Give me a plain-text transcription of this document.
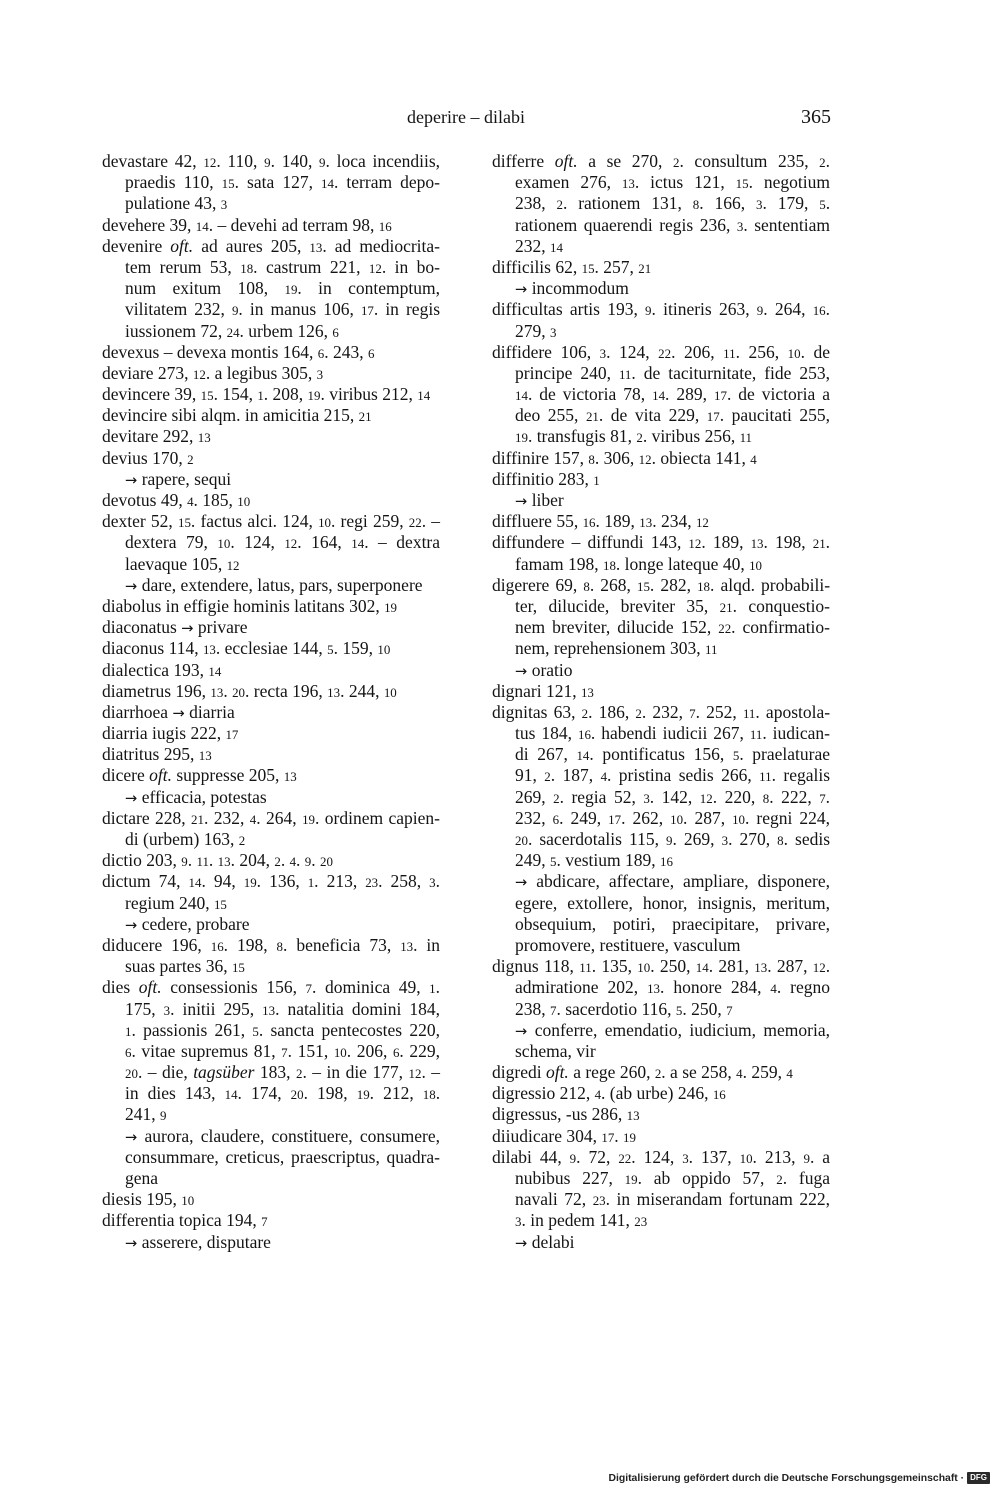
deperire – dilabi	365
devastare 42, 12. 110, 9. 140, 9. loca incendiis,
praedis 110, 15. sata 127, 14. terram depo-
pulatione 43, 3
devehere 39, 14. – devehi ad terram 98, 16
devenire oft. ad aures 205, 13. ad mediocrita-
tem rerum 53, 18. castrum 221, 12. in bo-
num exitum 108, 19. in contemptum,
vilitatem 232, 9. in manus 106, 17. in regis
iussionem 72, 24. urbem 126, 6
devexus – devexa montis 164, 6. 243, 6
deviare 273, 12. a legibus 305, 3
devincere 39, 15. 154, 1. 208, 19. viribus 212, 14
devincire sibi alqm. in amicitia 215, 21
devitare 292, 13
devius 170, 2
→ rapere, sequi
devotus 49, 4. 185, 10
dexter 52, 15. factus alci. 124, 10. regi 259, 22. –
dextera 79, 10. 124, 12. 164, 14. – dextra
laevaque 105, 12
→ dare, extendere, latus, pars, superponere
diabolus in effigie hominis latitans 302, 19
diaconatus → privare
diaconus 114, 13. ecclesiae 144, 5. 159, 10
dialectica 193, 14
diametrus 196, 13. 20. recta 196, 13. 244, 10
diarrhoea → diarria
diarria iugis 222, 17
diatritus 295, 13
dicere oft. suppresse 205, 13
→ efficacia, potestas
dictare 228, 21. 232, 4. 264, 19. ordinem capien-
di (urbem) 163, 2
dictio 203, 9. 11. 13. 204, 2. 4. 9. 20
dictum 74, 14. 94, 19. 136, 1. 213, 23. 258, 3.
regium 240, 15
→ cedere, probare
diducere 196, 16. 198, 8. beneficia 73, 13. in
suas partes 36, 15
dies oft. consessionis 156, 7. dominica 49, 1.
175, 3. initii 295, 13. natalitia domini 184,
1. passionis 261, 5. sancta pentecostes 220,
6. vitae supremus 81, 7. 151, 10. 206, 6. 229,
20. – die, tagsüber 183, 2. – in die 177, 12. –
in dies 143, 14. 174, 20. 198, 19. 212, 18.
241, 9
→ aurora, claudere, constituere, consumere,
consummare, creticus, praescriptus, quadra-
gena
diesis 195, 10
differentia topica 194, 7
→ asserere, disputare
differre oft. a se 270, 2. consultum 235, 2.
examen 276, 13. ictus 121, 15. negotium
238, 2. rationem 131, 8. 166, 3. 179, 5.
rationem quaerendi regis 236, 3. sententiam
232, 14
difficilis 62, 15. 257, 21
→ incommodum
difficultas artis 193, 9. itineris 263, 9. 264, 16.
279, 3
diffidere 106, 3. 124, 22. 206, 11. 256, 10. de
principe 240, 11. de taciturnitate, fide 253,
14. de victoria 78, 14. 289, 17. de victoria a
deo 255, 21. de vita 229, 17. paucitati 255,
19. transfugis 81, 2. viribus 256, 11
diffinire 157, 8. 306, 12. obiecta 141, 4
diffinitio 283, 1
→ liber
diffluere 55, 16. 189, 13. 234, 12
diffundere – diffundi 143, 12. 189, 13. 198, 21.
famam 198, 18. longe lateque 40, 10
digerere 69, 8. 268, 15. 282, 18. alqd. probabili-
ter, dilucide, breviter 35, 21. conquestio-
nem breviter, dilucide 152, 22. confirmatio-
nem, reprehensionem 303, 11
→ oratio
dignari 121, 13
dignitas 63, 2. 186, 2. 232, 7. 252, 11. apostola-
tus 184, 16. habendi iudicii 267, 11. iudican-
di 267, 14. pontificatus 156, 5. praelaturae
91, 2. 187, 4. pristina sedis 266, 11. regalis
269, 2. regia 52, 3. 142, 12. 220, 8. 222, 7.
232, 6. 249, 17. 262, 10. 287, 10. regni 224,
20. sacerdotalis 115, 9. 269, 3. 270, 8. sedis
249, 5. vestium 189, 16
→ abdicare, affectare, ampliare, disponere,
egere, extollere, honor, insignis, meritum,
obsequium, potiri, praecipitare, privare,
promovere, restituere, vasculum
dignus 118, 11. 135, 10. 250, 14. 281, 13. 287, 12.
admiratione 202, 13. honore 284, 4. regno
238, 7. sacerdotio 116, 5. 250, 7
→ conferre, emendatio, iudicium, memoria,
schema, vir
digredi oft. a rege 260, 2. a se 258, 4. 259, 4
digressio 212, 4. (ab urbe) 246, 16
digressus, -us 286, 13
diiudicare 304, 17. 19
dilabi 44, 9. 72, 22. 124, 3. 137, 10. 213, 9. a
nubibus 227, 19. ab oppido 57, 2. fuga
navali 72, 23. in miserandam fortunam 222,
3. in pedem 141, 23
→ delabi
Digitalisierung gefördert durch die Deutsche Forschungsgemeinschaft · DFG
